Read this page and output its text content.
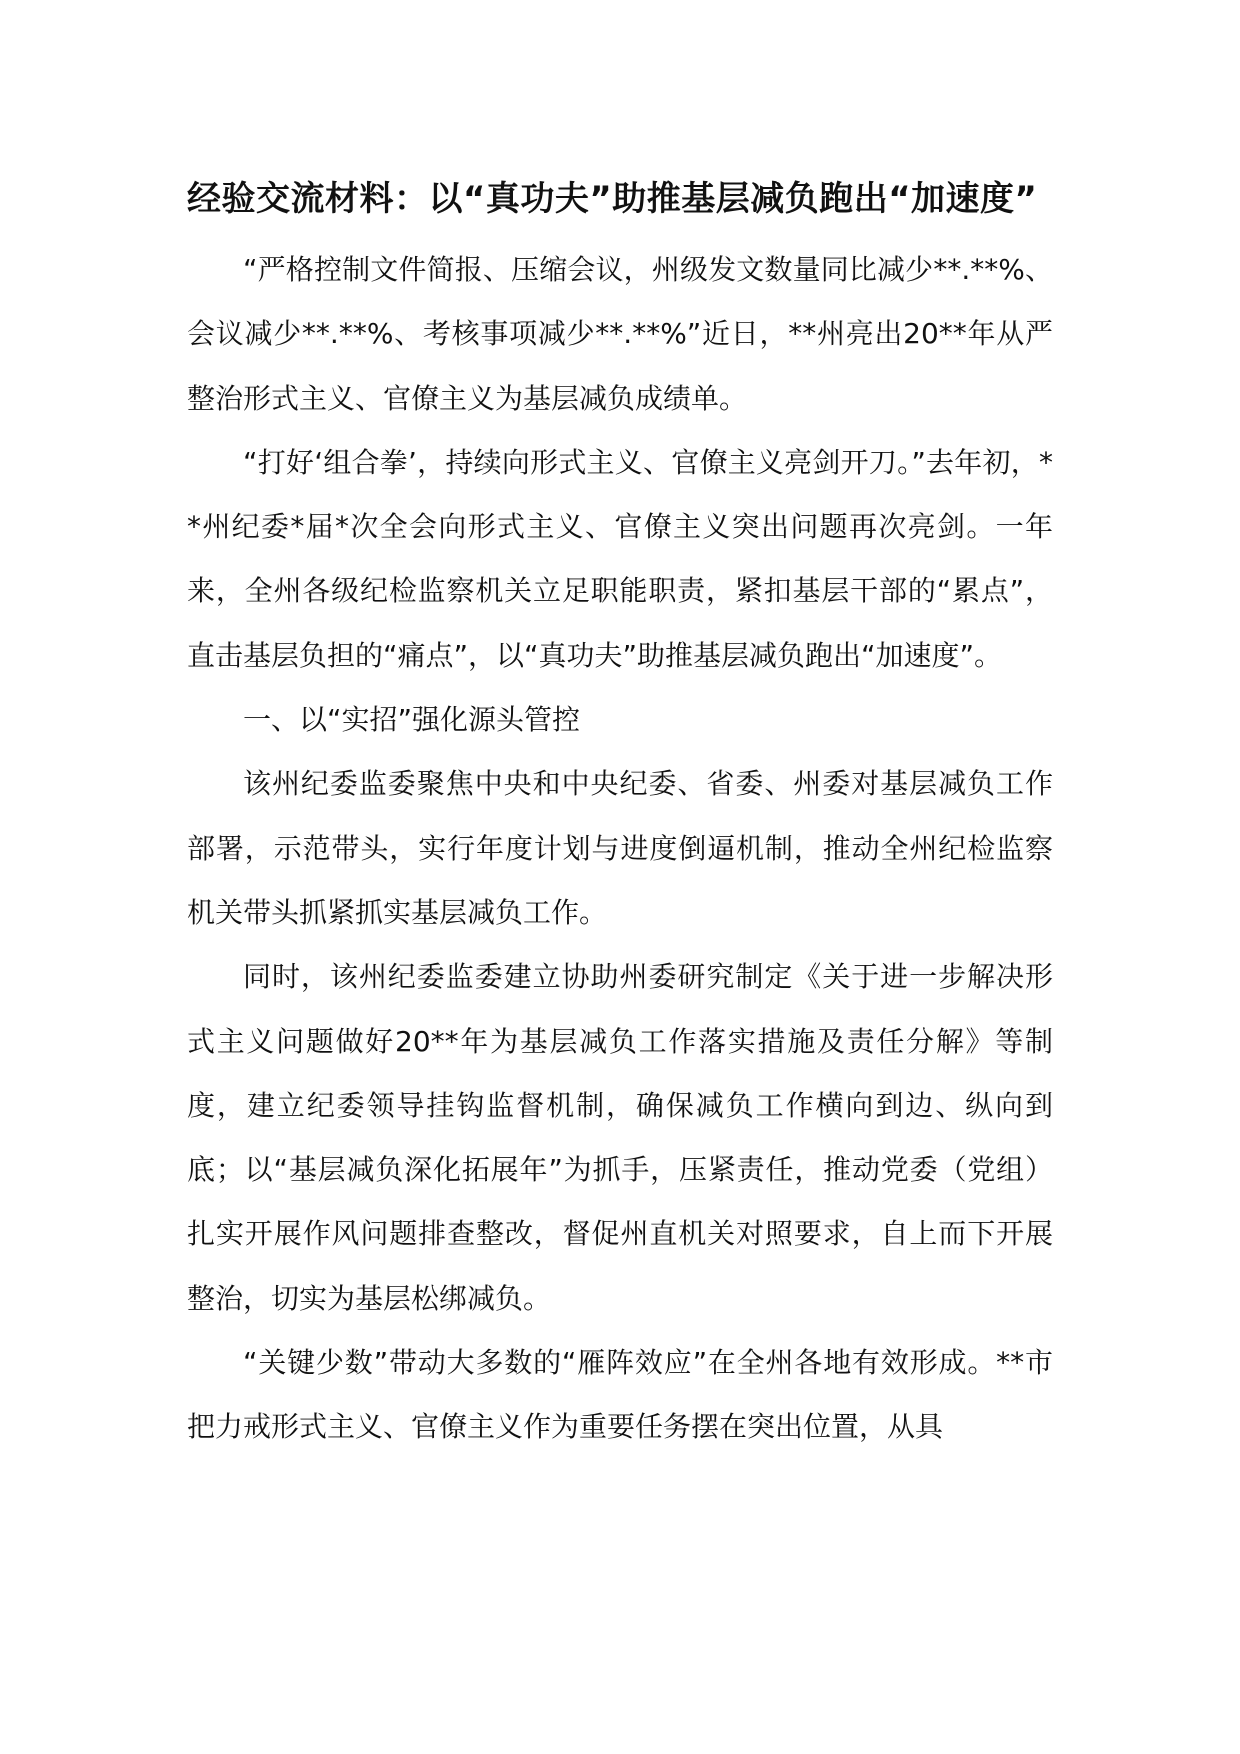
经验交流材料：以“真功夫”助推基层减负跑出“加速度”

“严格控制文件简报、压缩会议，州级发文数量同比减少**.**%、会议减少**.**%、考核事项减少**.**%”近日，**州亮出20**年从严整治形式主义、官僚主义为基层减负成绩单。

“打好‘组合拳’，持续向形式主义、官僚主义亮剑开刀。”去年初，**州纪委*届*次全会向形式主义、官僚主义突出问题再次亮剑。一年来，全州各级纪检监察机关立足职能职责，紧扣基层干部的“累点”，直击基层负担的“痛点”，以“真功夫”助推基层减负跑出“加速度”。

一、以“实招”强化源头管控

该州纪委监委聚焦中央和中央纪委、省委、州委对基层减负工作部署，示范带头，实行年度计划与进度倒逼机制，推动全州纪检监察机关带头抓紧抓实基层减负工作。

同时，该州纪委监委建立协助州委研究制定《关于进一步解决形式主义问题做好20**年为基层减负工作落实措施及责任分解》等制度，建立纪委领导挂钩监督机制，确保减负工作横向到边、纵向到底；以“基层减负深化拓展年”为抓手，压紧责任，推动党委（党组）扎实开展作风问题排查整改，督促州直机关对照要求，自上而下开展整治，切实为基层松绑减负。

“关键少数”带动大多数的“雁阵效应”在全州各地有效形成。**市把力戒形式主义、官僚主义作为重要任务摆在突出位置，从具
